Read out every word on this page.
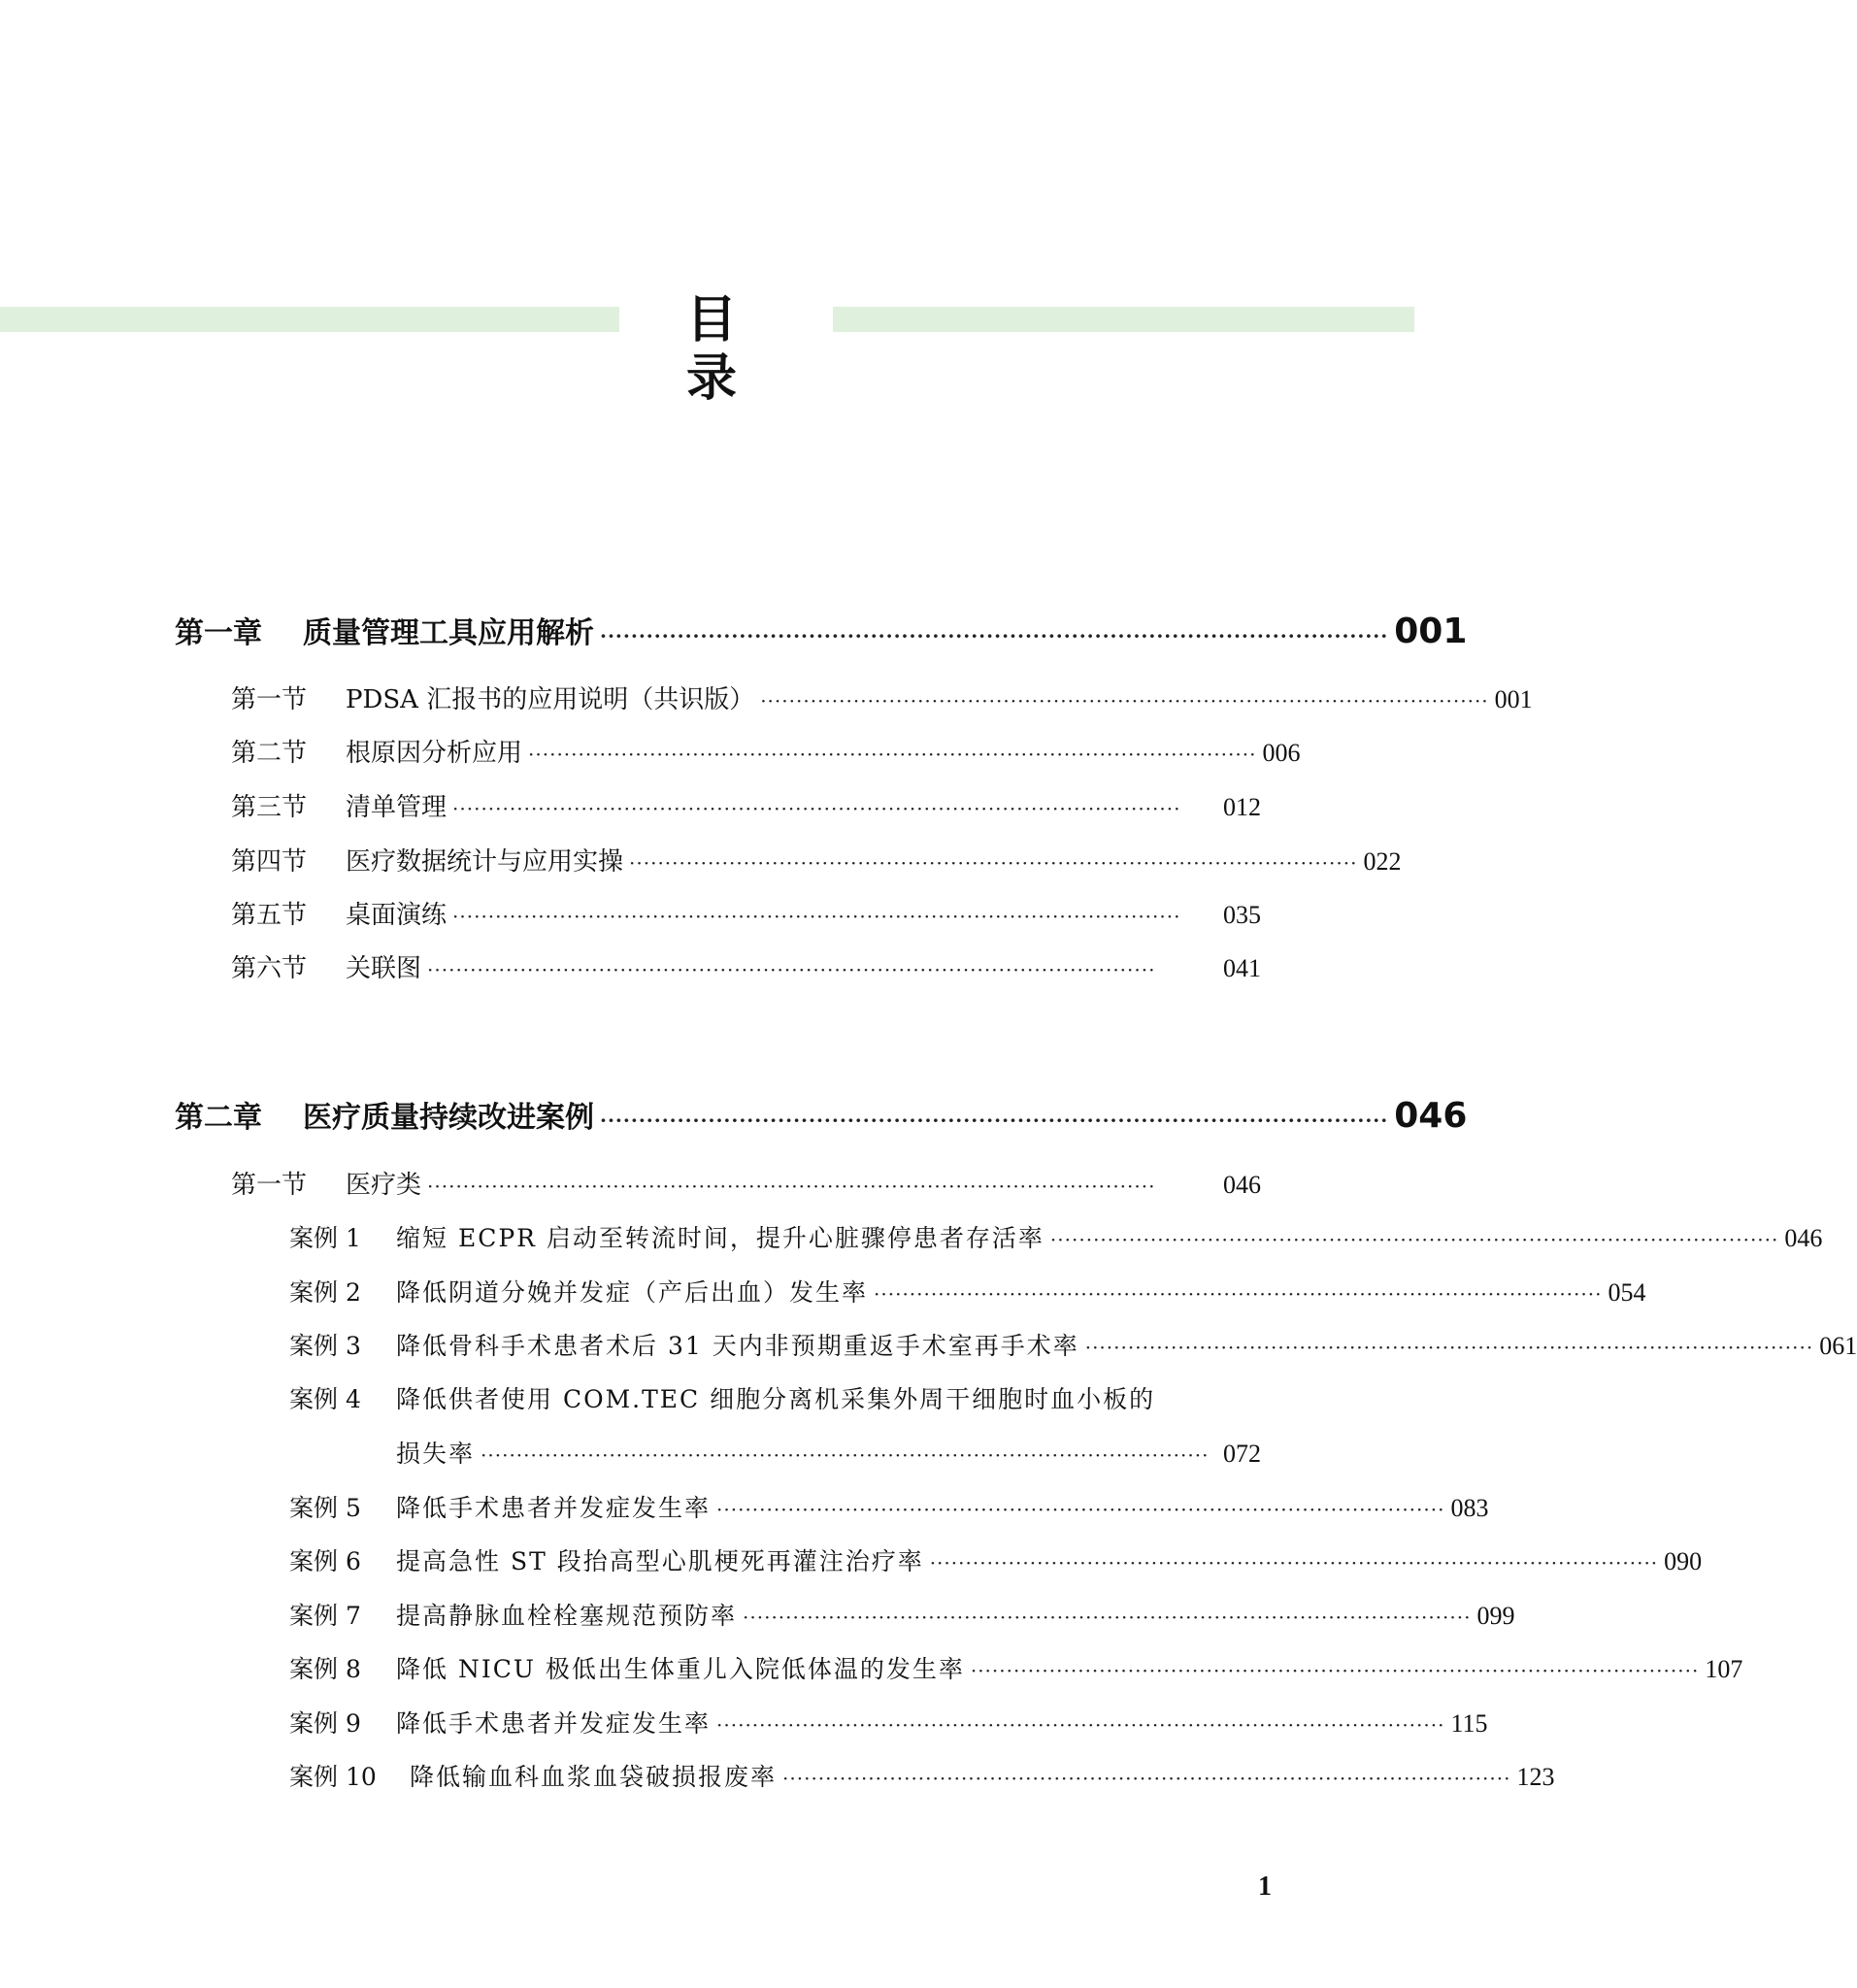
目 录
第一章	质量管理工具应用解析 ······································································································ 001
第一节	PDSA 汇报书的应用说明（共识版） ······································································································ 001
第二节	根原因分析应用 ······································································································ 006
第三节	清单管理 ······································································································	012
第四节	医疗数据统计与应用实操 ······································································································ 022
第五节	桌面演练 ······································································································	035
第六节	关联图 ······································································································	041
第二章	医疗质量持续改进案例 ······································································································ 046
第一节	医疗类 ······································································································	046
案例 1	缩短 ECPR 启动至转流时间，提升心脏骤停患者存活率 ······································································································ 046
案例 2	降低阴道分娩并发症（产后出血）发生率 ······································································································ 054
案例 3	降低骨科手术患者术后 31 天内非预期重返手术室再手术率 ······································································································ 061
案例 4	降低供者使用 COM.TEC 细胞分离机采集外周干细胞时血小板的
损失率 ······································································································ 072
案例 5	降低手术患者并发症发生率 ······································································································ 083
案例 6	提高急性 ST 段抬高型心肌梗死再灌注治疗率 ······································································································ 090
案例 7	提高静脉血栓栓塞规范预防率 ······································································································ 099
案例 8	降低 NICU 极低出生体重儿入院低体温的发生率 ······································································································ 107
案例 9	降低手术患者并发症发生率 ······································································································ 115
案例 10	降低输血科血浆血袋破损报废率 ······································································································ 123
1
